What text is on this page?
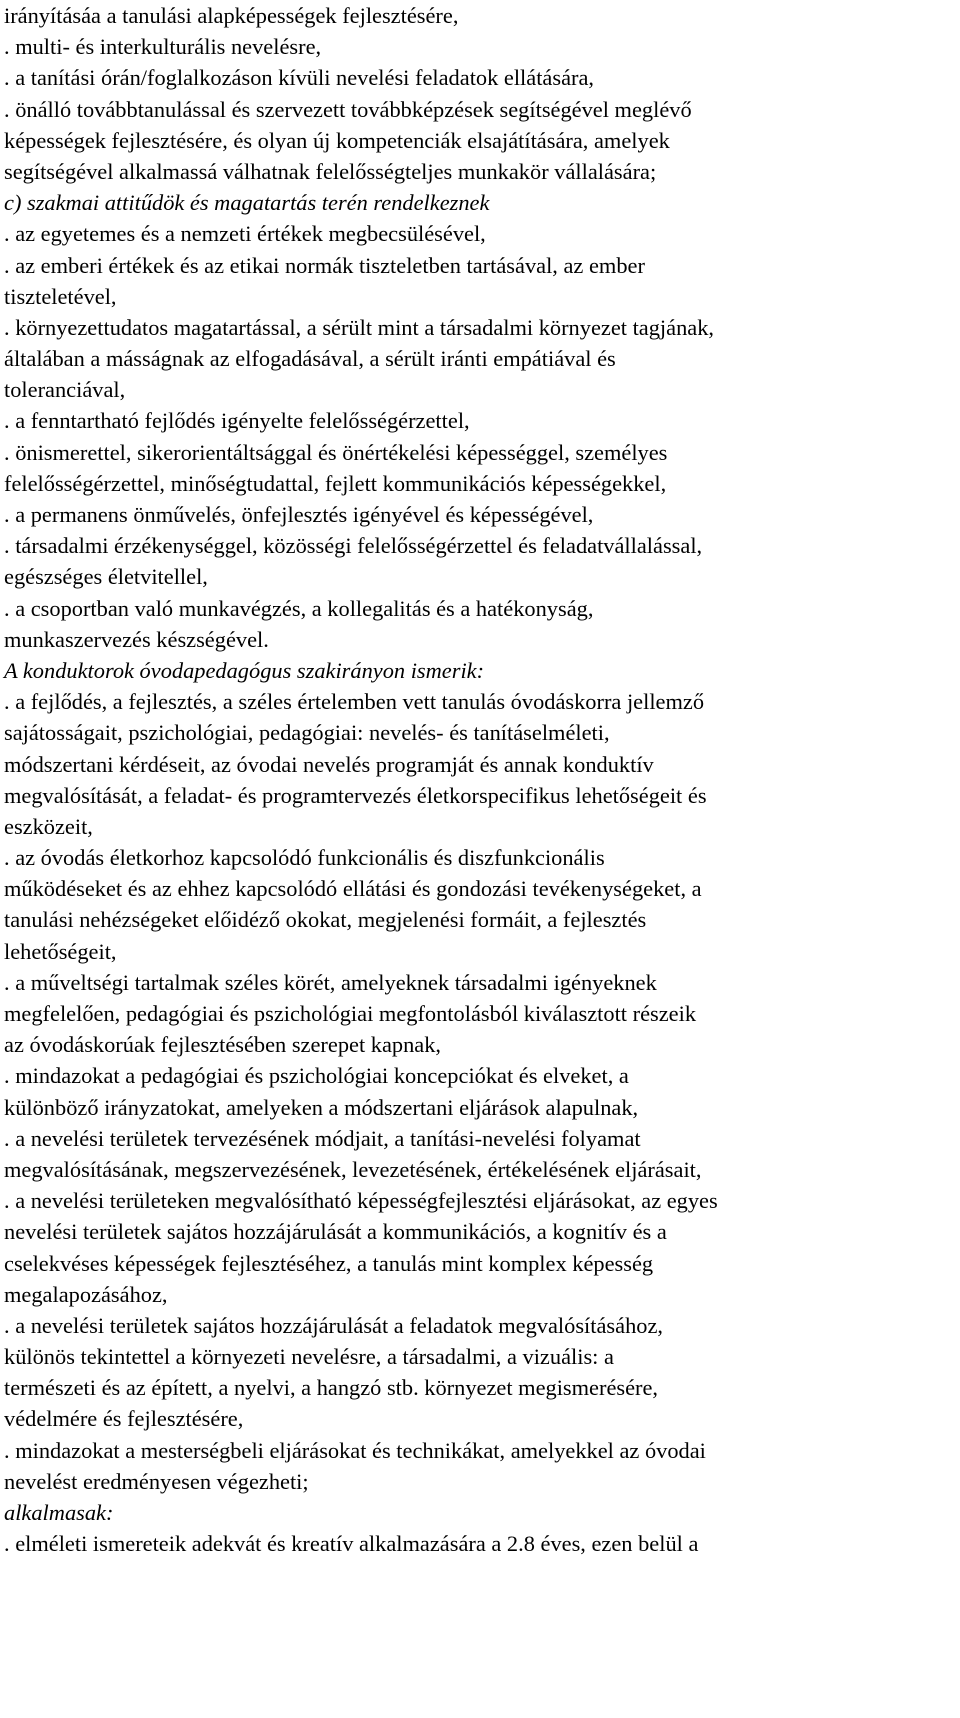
irányításáa a tanulási alapképességek fejlesztésére,
. multi- és interkulturális nevelésre,
. a tanítási órán/foglalkozáson kívüli nevelési feladatok ellátására,
. önálló továbbtanulással és szervezett továbbképzések segítségével meglévő
képességek fejlesztésére, és olyan új kompetenciák elsajátítására, amelyek
segítségével alkalmassá válhatnak felelősségteljes munkakör vállalására;
c) szakmai attitűdök és magatartás terén rendelkeznek
. az egyetemes és a nemzeti értékek megbecsülésével,
. az emberi értékek és az etikai normák tiszteletben tartásával, az ember
tiszteletével,
. környezettudatos magatartással, a sérült mint a társadalmi környezet tagjának,
általában a másságnak az elfogadásával, a sérült iránti empátiával és
toleranciával,
. a fenntartható fejlődés igényelte felelősségérzettel,
. önismerettel, sikerorientáltsággal és önértékelési képességgel, személyes
felelősségérzettel, minőségtudattal, fejlett kommunikációs képességekkel,
. a permanens önművelés, önfejlesztés igényével és képességével,
. társadalmi érzékenységgel, közösségi felelősségérzettel és feladatvállalással,
egészséges életvitellel,
. a csoportban való munkavégzés, a kollegalitás és a hatékonyság,
munkaszervezés készségével.
A konduktorok óvodapedagógus szakirányon ismerik:
. a fejlődés, a fejlesztés, a széles értelemben vett tanulás óvodáskorra jellemző
sajátosságait, pszichológiai, pedagógiai: nevelés- és tanításelméleti,
módszertani kérdéseit, az óvodai nevelés programját és annak konduktív
megvalósítását, a feladat- és programtervezés életkorspecifikus lehetőségeit és
eszközeit,
. az óvodás életkorhoz kapcsolódó funkcionális és diszfunkcionális
működéseket és az ehhez kapcsolódó ellátási és gondozási tevékenységeket, a
tanulási nehézségeket előidéző okokat, megjelenési formáit, a fejlesztés
lehetőségeit,
. a műveltségi tartalmak széles körét, amelyeknek társadalmi igényeknek
megfelelően, pedagógiai és pszichológiai megfontolásból kiválasztott részeik
az óvodáskorúak fejlesztésében szerepet kapnak,
. mindazokat a pedagógiai és pszichológiai koncepciókat és elveket, a
különböző irányzatokat, amelyeken a módszertani eljárások alapulnak,
. a nevelési területek tervezésének módjait, a tanítási-nevelési folyamat
megvalósításának, megszervezésének, levezetésének, értékelésének eljárásait,
. a nevelési területeken megvalósítható képességfejlesztési eljárásokat, az egyes
nevelési területek sajátos hozzájárulását a kommunikációs, a kognitív és a
cselekvéses képességek fejlesztéséhez, a tanulás mint komplex képesség
megalapozásához,
. a nevelési területek sajátos hozzájárulását a feladatok megvalósításához,
különös tekintettel a környezeti nevelésre, a társadalmi, a vizuális: a
természeti és az épített, a nyelvi, a hangzó stb. környezet megismerésére,
védelmére és fejlesztésére,
. mindazokat a mesterségbeli eljárásokat és technikákat, amelyekkel az óvodai
nevelést eredményesen végezheti;
alkalmasak:
. elméleti ismereteik adekvát és kreatív alkalmazására a 2.8 éves, ezen belül a
